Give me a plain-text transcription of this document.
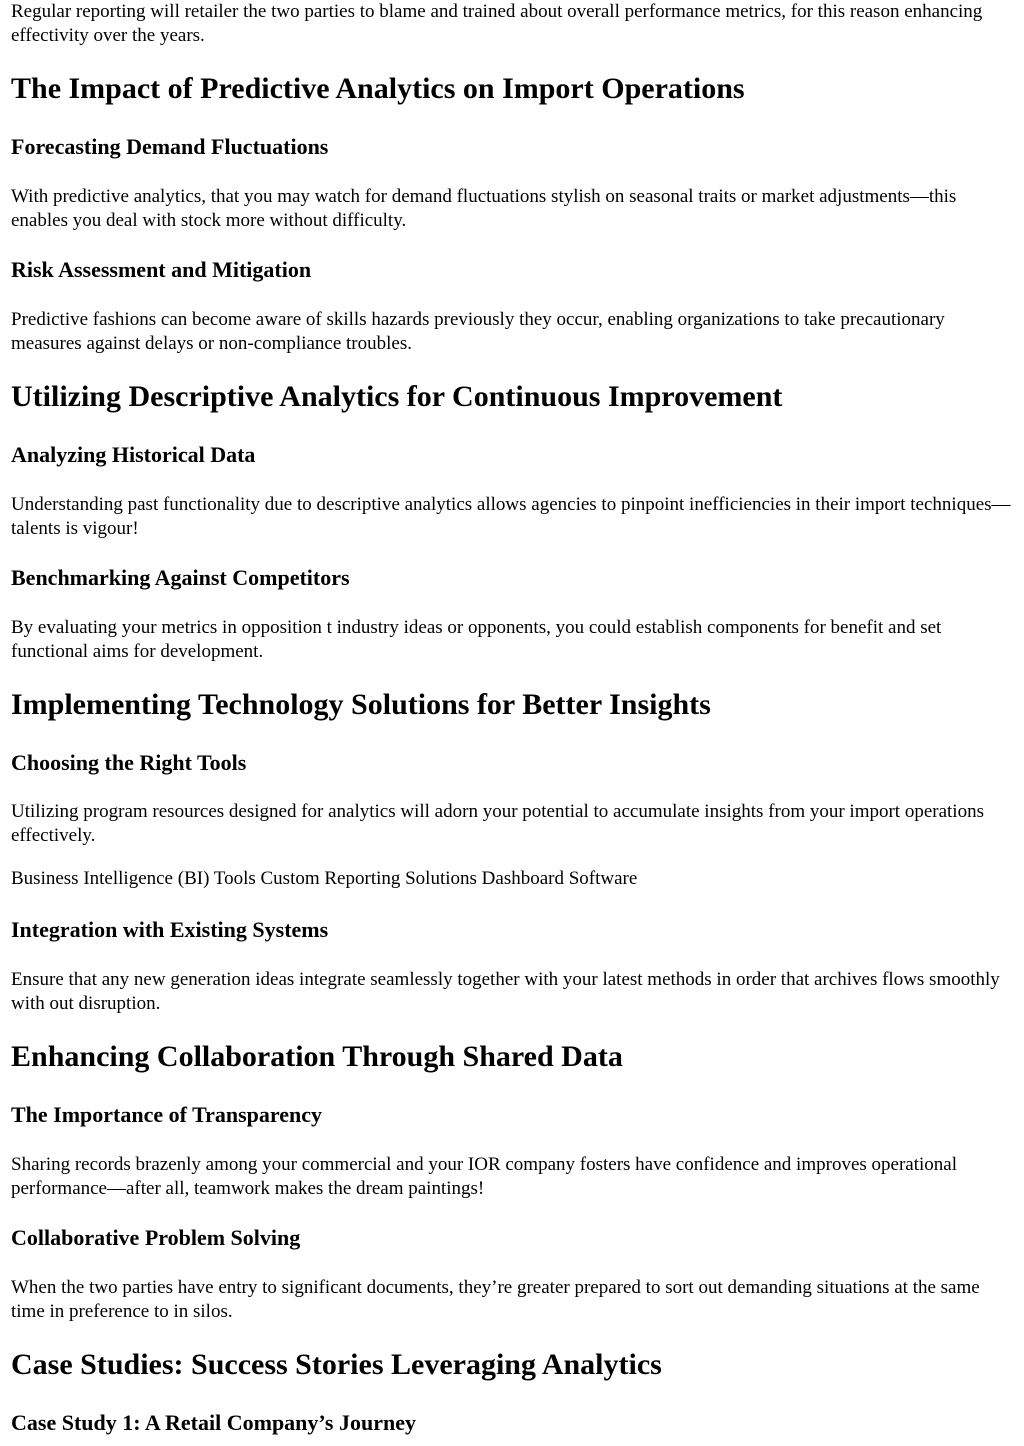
Regular reporting will retailer the two parties to blame and trained about overall performance metrics, for this reason enhancing effectivity over the years.

The Impact of Predictive Analytics on Import Operations
Forecasting Demand Fluctuations

With predictive analytics, that you may watch for demand fluctuations stylish on seasonal traits or market adjustments—this enables you deal with stock more without difficulty.

Risk Assessment and Mitigation

Predictive fashions can become aware of skills hazards previously they occur, enabling organizations to take precautionary measures against delays or non-compliance troubles.

Utilizing Descriptive Analytics for Continuous Improvement
Analyzing Historical Data

Understanding past functionality due to descriptive analytics allows agencies to pinpoint inefficiencies in their import techniques—talents is vigour!

Benchmarking Against Competitors

By evaluating your metrics in opposition t industry ideas or opponents, you could establish components for benefit and set functional aims for development.

Implementing Technology Solutions for Better Insights
Choosing the Right Tools

Utilizing program resources designed for analytics will adorn your potential to accumulate insights from your import operations effectively.

Business Intelligence (BI) Tools Custom Reporting Solutions Dashboard Software

Integration with Existing Systems

Ensure that any new generation ideas integrate seamlessly together with your latest methods in order that archives flows smoothly with out disruption.

Enhancing Collaboration Through Shared Data
The Importance of Transparency

Sharing records brazenly among your commercial and your IOR company fosters have confidence and improves operational performance—after all, teamwork makes the dream paintings!

Collaborative Problem Solving

When the two parties have entry to significant documents, they’re greater prepared to sort out demanding situations at the same time in preference to in silos.

Case Studies: Success Stories Leveraging Analytics
Case Study 1: A Retail Company’s Journey
